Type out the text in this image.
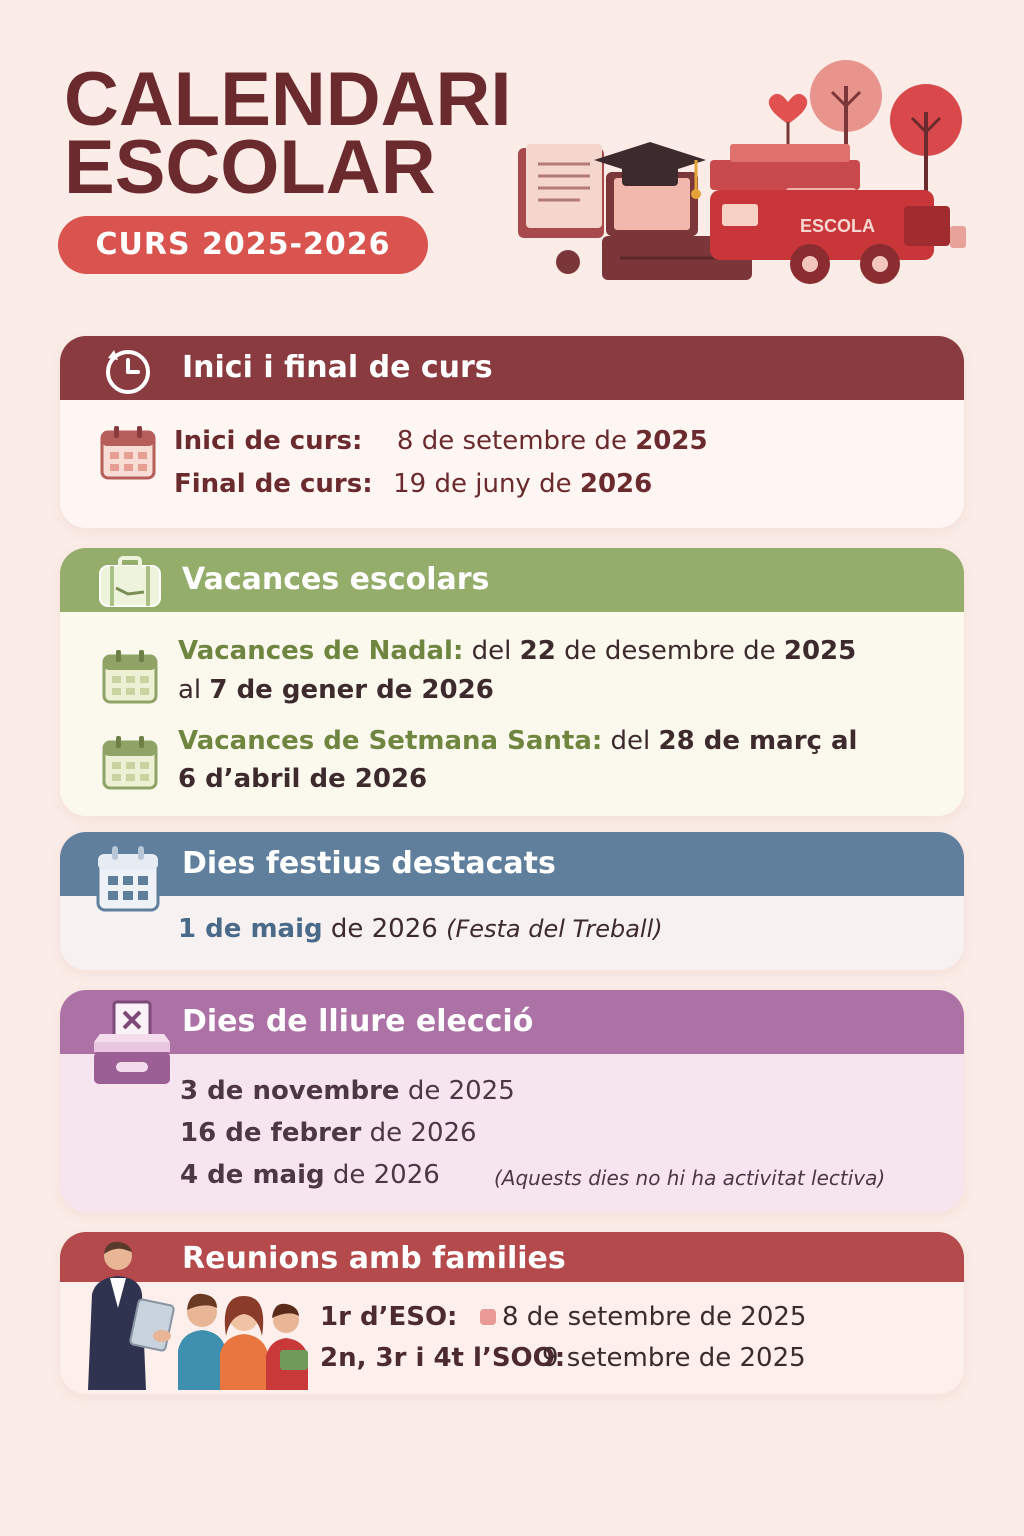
CALENDARI
ESCOLAR
CURS 2025-2026
ESCOLA
Inici i final de curs
Inici de curs: 8 de setembre de 2025
Final de curs: 19 de juny de 2026
Vacances escolars
Vacances de Nadal: del 22 de desembre de 2025
al 7 de gener de 2026
Vacances de Setmana Santa: del 28 de març al
6 d’abril de 2026
Dies festius destacats
1 de maig de 2026 (Festa del Treball)
Dies de lliure elecció
3 de novembre de 2025
16 de febrer de 2026
4 de maig de 2026	(Aquests dies no hi ha activitat lectiva)
Reunions amb families
1r d’ESO: 8 de setembre de 2025
2n, 3r i 4t l’SOO:
9 setembre de 2025
